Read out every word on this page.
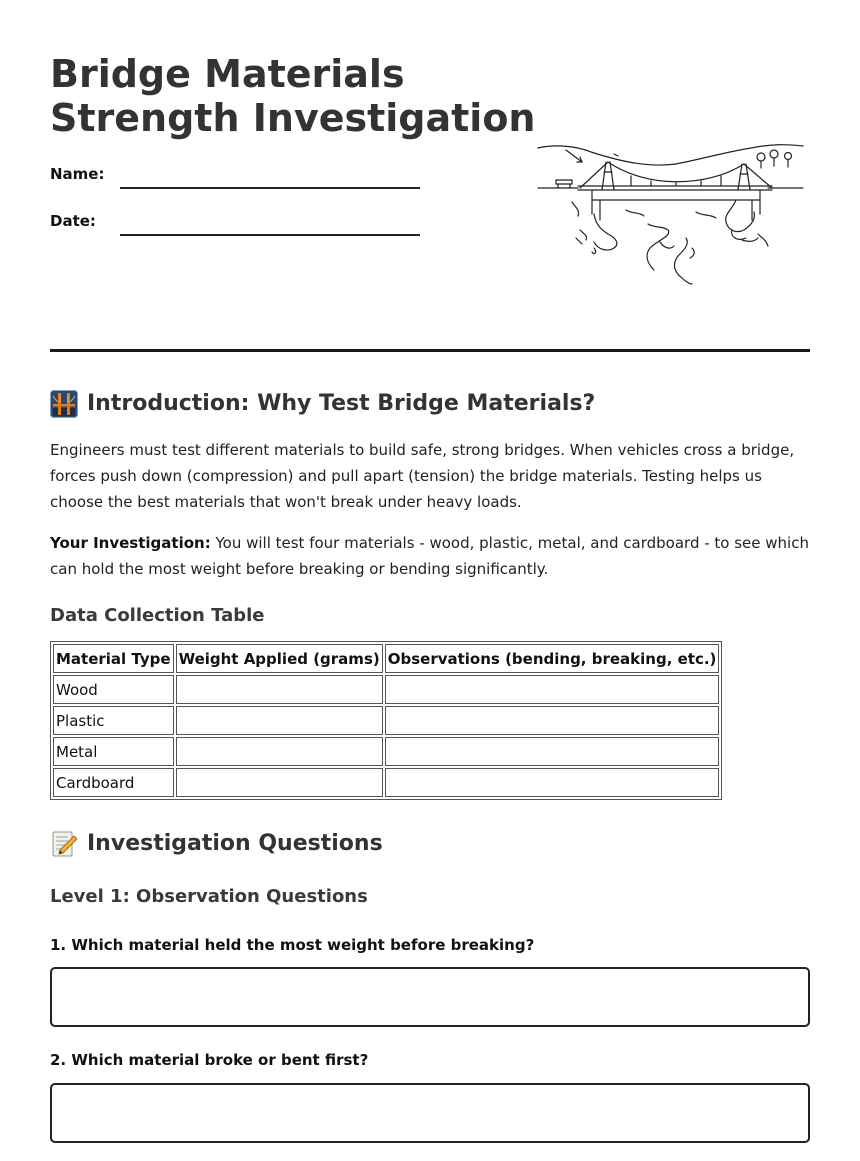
Bridge Materials
Strength Investigation
Name:
Date:
Introduction: Why Test Bridge Materials?

Engineers must test different materials to build safe, strong bridges. When vehicles cross a bridge, forces push down (compression) and pull apart (tension) the bridge materials. Testing helps us choose the best materials that won't break under heavy loads.

Your Investigation: You will test four materials - wood, plastic, metal, and cardboard - to see which can hold the most weight before breaking or bending significantly.

Data Collection Table
Material Type	Weight Applied (grams)	Observations (bending, breaking, etc.)
Wood		
Plastic		
Metal		
Cardboard		
Investigation Questions
Level 1: Observation Questions

1. Which material held the most weight before breaking?

2. Which material broke or bent first?
